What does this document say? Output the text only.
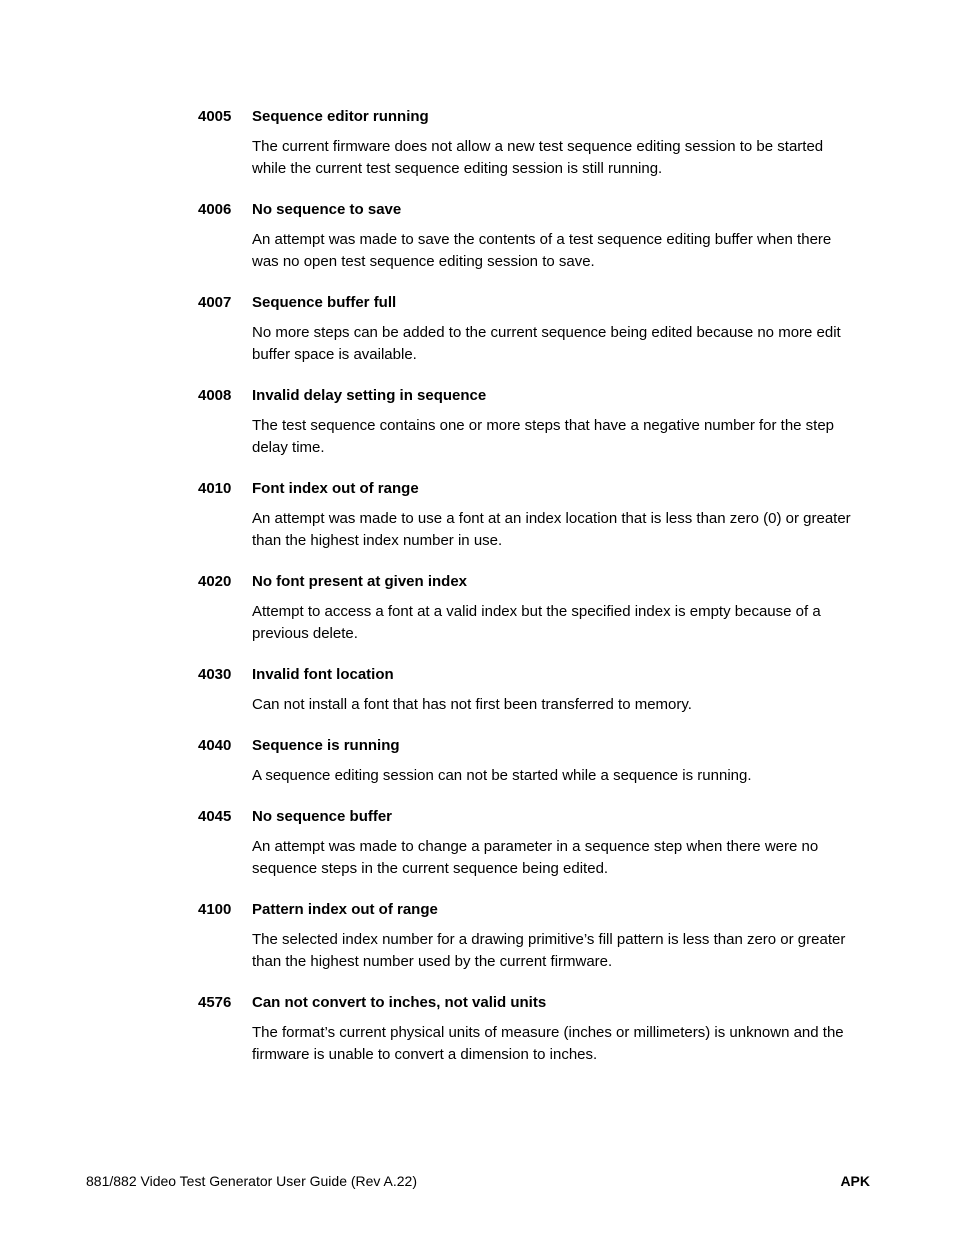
4005	Sequence editor running
The current firmware does not allow a new test sequence editing session to be started
while the current test sequence editing session is still running.
4006	No sequence to save
An attempt was made to save the contents of a test sequence editing buffer when there
was no open test sequence editing session to save.
4007	Sequence buffer full
No more steps can be added to the current sequence being edited because no more edit
buffer space is available.
4008	Invalid delay setting in sequence
The test sequence contains one or more steps that have a negative number for the step
delay time.
4010	Font index out of range
An attempt was made to use a font at an index location that is less than zero (0) or greater
than the highest index number in use.
4020	No font present at given index
Attempt to access a font at a valid index but the specified index is empty because of a
previous delete.
4030	Invalid font location
Can not install a font that has not first been transferred to memory.
4040	Sequence is running
A sequence editing session can not be started while a sequence is running.
4045	No sequence buffer
An attempt was made to change a parameter in a sequence step when there were no
sequence steps in the current sequence being edited.
4100	Pattern index out of range
The selected index number for a drawing primitive’s fill pattern is less than zero or greater
than the highest number used by the current firmware.
4576	Can not convert to inches, not valid units
The format’s current physical units of measure (inches or millimeters) is unknown and the
firmware is unable to convert a dimension to inches.
881/882 Video Test Generator User Guide (Rev A.22)	APK
